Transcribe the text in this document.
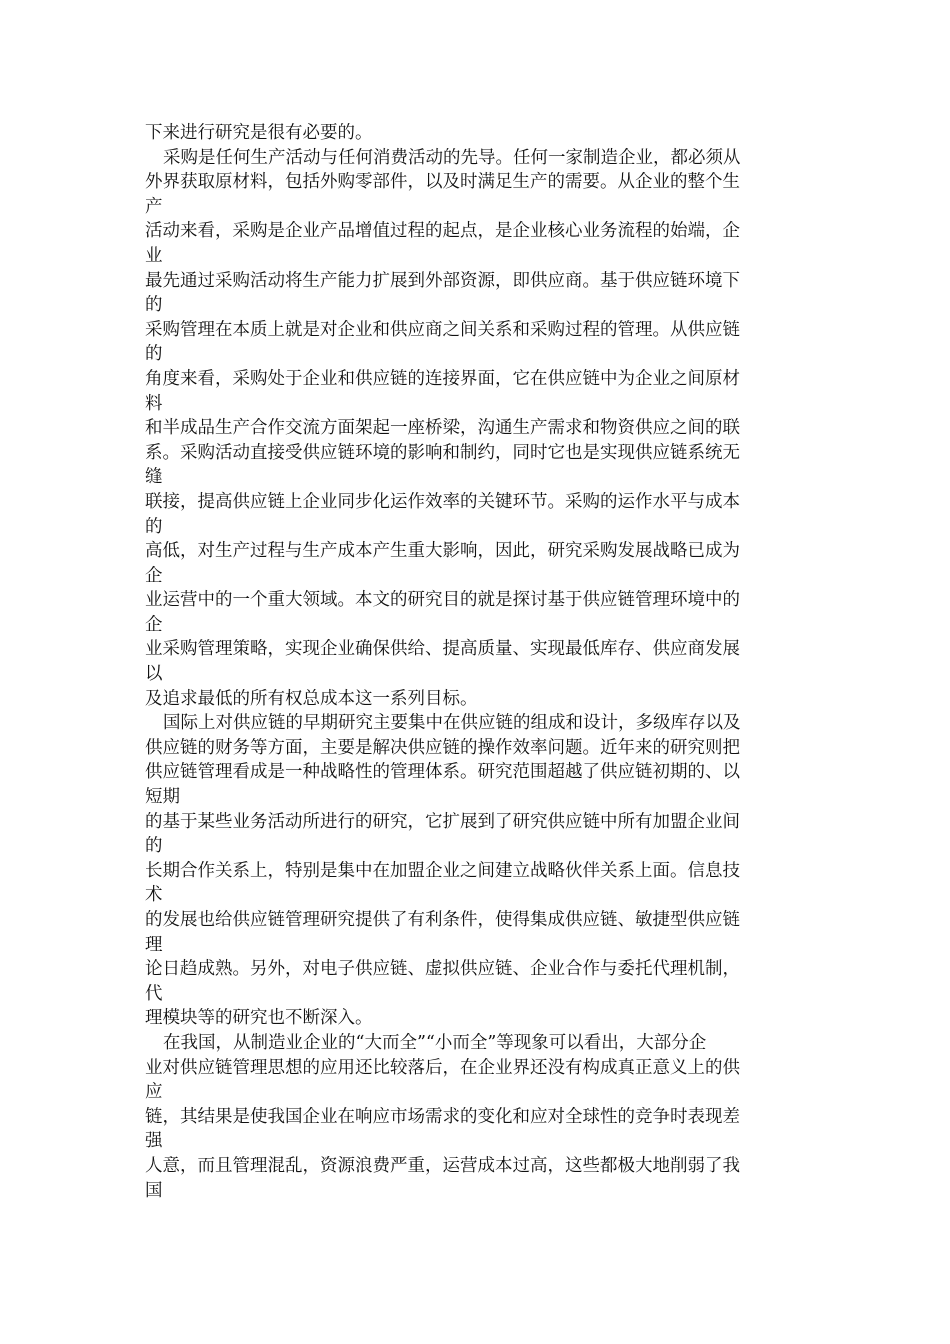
下来进行研究是很有必要的。
采购是任何生产活动与任何消费活动的先导。任何一家制造企业，都必须从
外界获取原材料，包括外购零部件，以及时满足生产的需要。从企业的整个生
产
活动来看，采购是企业产品增值过程的起点，是企业核心业务流程的始端，企
业
最先通过采购活动将生产能力扩展到外部资源，即供应商。基于供应链环境下
的
采购管理在本质上就是对企业和供应商之间关系和采购过程的管理。从供应链
的
角度来看，采购处于企业和供应链的连接界面，它在供应链中为企业之间原材
料
和半成品生产合作交流方面架起一座桥梁，沟通生产需求和物资供应之间的联
系。采购活动直接受供应链环境的影响和制约，同时它也是实现供应链系统无
缝
联接，提高供应链上企业同步化运作效率的关键环节。采购的运作水平与成本
的
高低，对生产过程与生产成本产生重大影响，因此，研究采购发展战略已成为
企
业运营中的一个重大领域。本文的研究目的就是探讨基于供应链管理环境中的
企
业采购管理策略，实现企业确保供给、提高质量、实现最低库存、供应商发展
以
及追求最低的所有权总成本这一系列目标。
国际上对供应链的早期研究主要集中在供应链的组成和设计，多级库存以及
供应链的财务等方面，主要是解决供应链的操作效率问题。近年来的研究则把
供应链管理看成是一种战略性的管理体系。研究范围超越了供应链初期的、以
短期
的基于某些业务活动所进行的研究，它扩展到了研究供应链中所有加盟企业间
的
长期合作关系上，特别是集中在加盟企业之间建立战略伙伴关系上面。信息技
术
的发展也给供应链管理研究提供了有利条件，使得集成供应链、敏捷型供应链
理
论日趋成熟。另外，对电子供应链、虚拟供应链、企业合作与委托代理机制，
代
理模块等的研究也不断深入。
在我国，从制造业企业的“大而全”“小而全”等现象可以看出，大部分企
业对供应链管理思想的应用还比较落后，在企业界还没有构成真正意义上的供
应
链，其结果是使我国企业在响应市场需求的变化和应对全球性的竞争时表现差
强
人意，而且管理混乱，资源浪费严重，运营成本过高，这些都极大地削弱了我
国
